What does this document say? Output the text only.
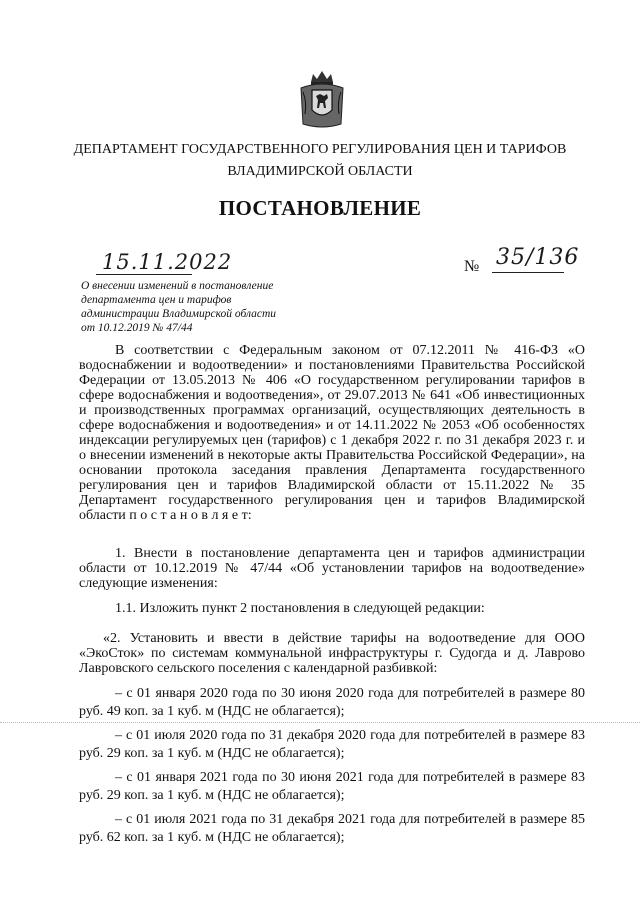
ДЕПАРТАМЕНТ ГОСУДАРСТВЕННОГО РЕГУЛИРОВАНИЯ ЦЕН И ТАРИФОВ
ВЛАДИМИРСКОЙ ОБЛАСТИ
ПОСТАНОВЛЕНИЕ
15.11.2022	№ 35/136
О внесении изменений в постановление
департамента цен и тарифов
администрации Владимирской области
от 10.12.2019 № 47/44
В соответствии с Федеральным законом от 07.12.2011 № 416-ФЗ «О водоснабжении и водоотведении» и постановлениями Правительства Российской Федерации от 13.05.2013 № 406 «О государственном регулировании тарифов в сфере водоснабжения и водоотведения», от 29.07.2013 № 641 «Об инвестиционных и производственных программах организаций, осуществляющих деятельность в сфере водоснабжения и водоотведения» и от 14.11.2022 № 2053 «Об особенностях индексации регулируемых цен (тарифов) с 1 декабря 2022 г. по 31 декабря 2023 г. и о внесении изменений в некоторые акты Правительства Российской Федерации», на основании протокола заседания правления Департамента государственного регулирования цен и тарифов Владимирской области от 15.11.2022 № 35 Департамент государственного регулирования цен и тарифов Владимирской области п о с т а н о в л я е т:
1. Внести в постановление департамента цен и тарифов администрации области от 10.12.2019 № 47/44 «Об установлении тарифов на водоотведение» следующие изменения:
1.1. Изложить пункт 2 постановления в следующей редакции:
«2. Установить и ввести в действие тарифы на водоотведение для ООО «ЭкоСток» по системам коммунальной инфраструктуры г. Судогда и д. Лаврово Лавровского сельского поселения с календарной разбивкой:
– с 01 января 2020 года по 30 июня 2020 года для потребителей в размере 80 руб. 49 коп. за 1 куб. м (НДС не облагается);
– с 01 июля 2020 года по 31 декабря 2020 года для потребителей в размере 83 руб. 29 коп. за 1 куб. м (НДС не облагается);
– с 01 января 2021 года по 30 июня 2021 года для потребителей в размере 83 руб. 29 коп. за 1 куб. м (НДС не облагается);
– с 01 июля 2021 года по 31 декабря 2021 года для потребителей в размере 85 руб. 62 коп. за 1 куб. м (НДС не облагается);
